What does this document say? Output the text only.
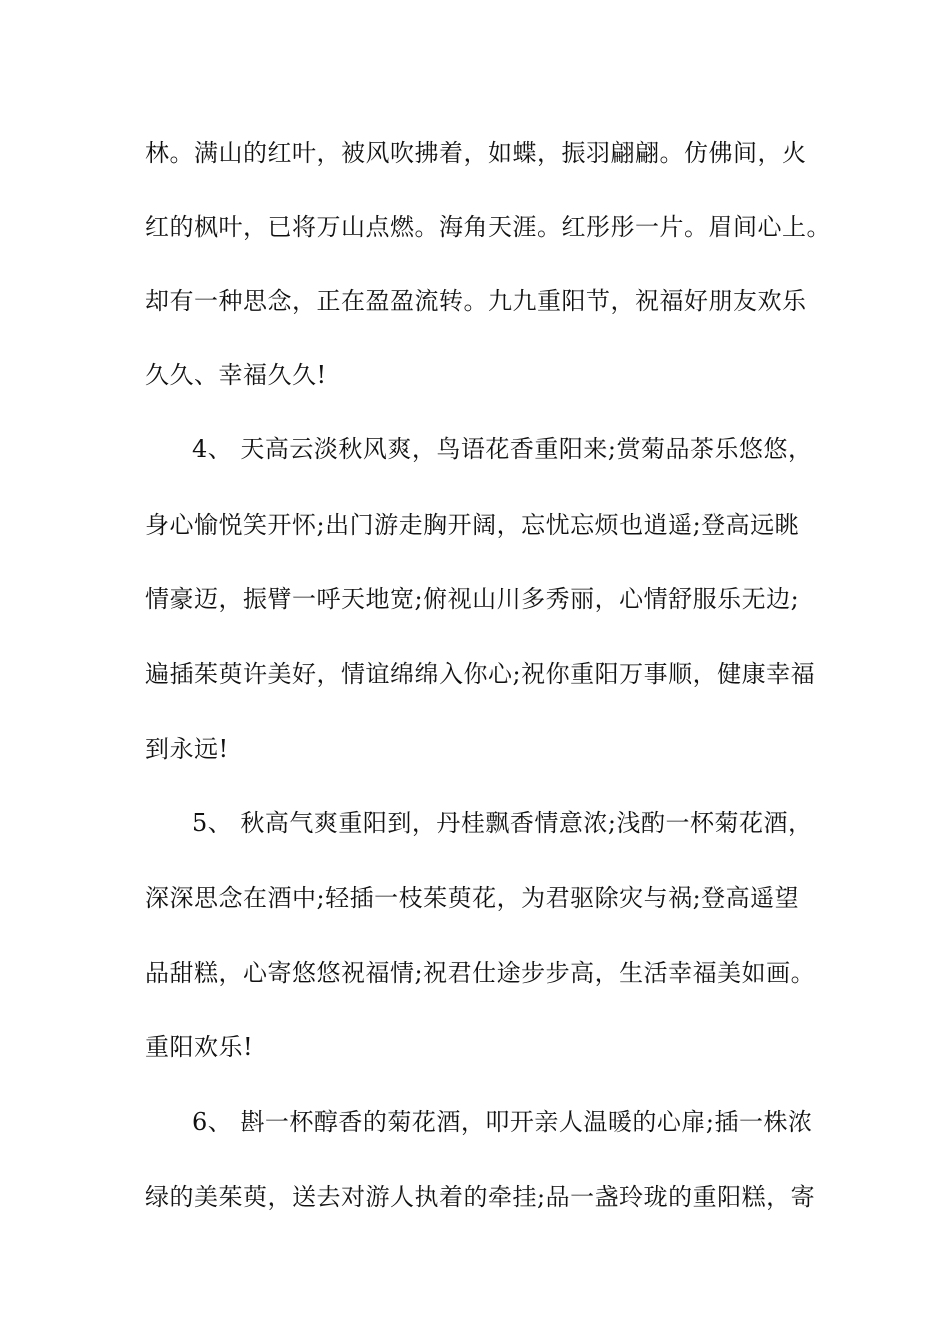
林。满山的红叶，被风吹拂着，如蝶，振羽翩翩。仿佛间，火
红的枫叶，已将万山点燃。海角天涯。红彤彤一片。眉间心上。
却有一种思念，正在盈盈流转。九九重阳节，祝福好朋友欢乐
久久、幸福久久!
4、 天高云淡秋风爽，鸟语花香重阳来;赏菊品茶乐悠悠，
身心愉悦笑开怀;出门游走胸开阔，忘忧忘烦也逍遥;登高远眺
情豪迈，振臂一呼天地宽;俯视山川多秀丽，心情舒服乐无边;
遍插茱萸许美好，情谊绵绵入你心;祝你重阳万事顺，健康幸福
到永远!
5、 秋高气爽重阳到，丹桂飘香情意浓;浅酌一杯菊花酒，
深深思念在酒中;轻插一枝茱萸花，为君驱除灾与祸;登高遥望
品甜糕，心寄悠悠祝福情;祝君仕途步步高，生活幸福美如画。
重阳欢乐!
6、 斟一杯醇香的菊花酒，叩开亲人温暖的心扉;插一株浓
绿的美茱萸，送去对游人执着的牵挂;品一盏玲珑的重阳糕，寄
